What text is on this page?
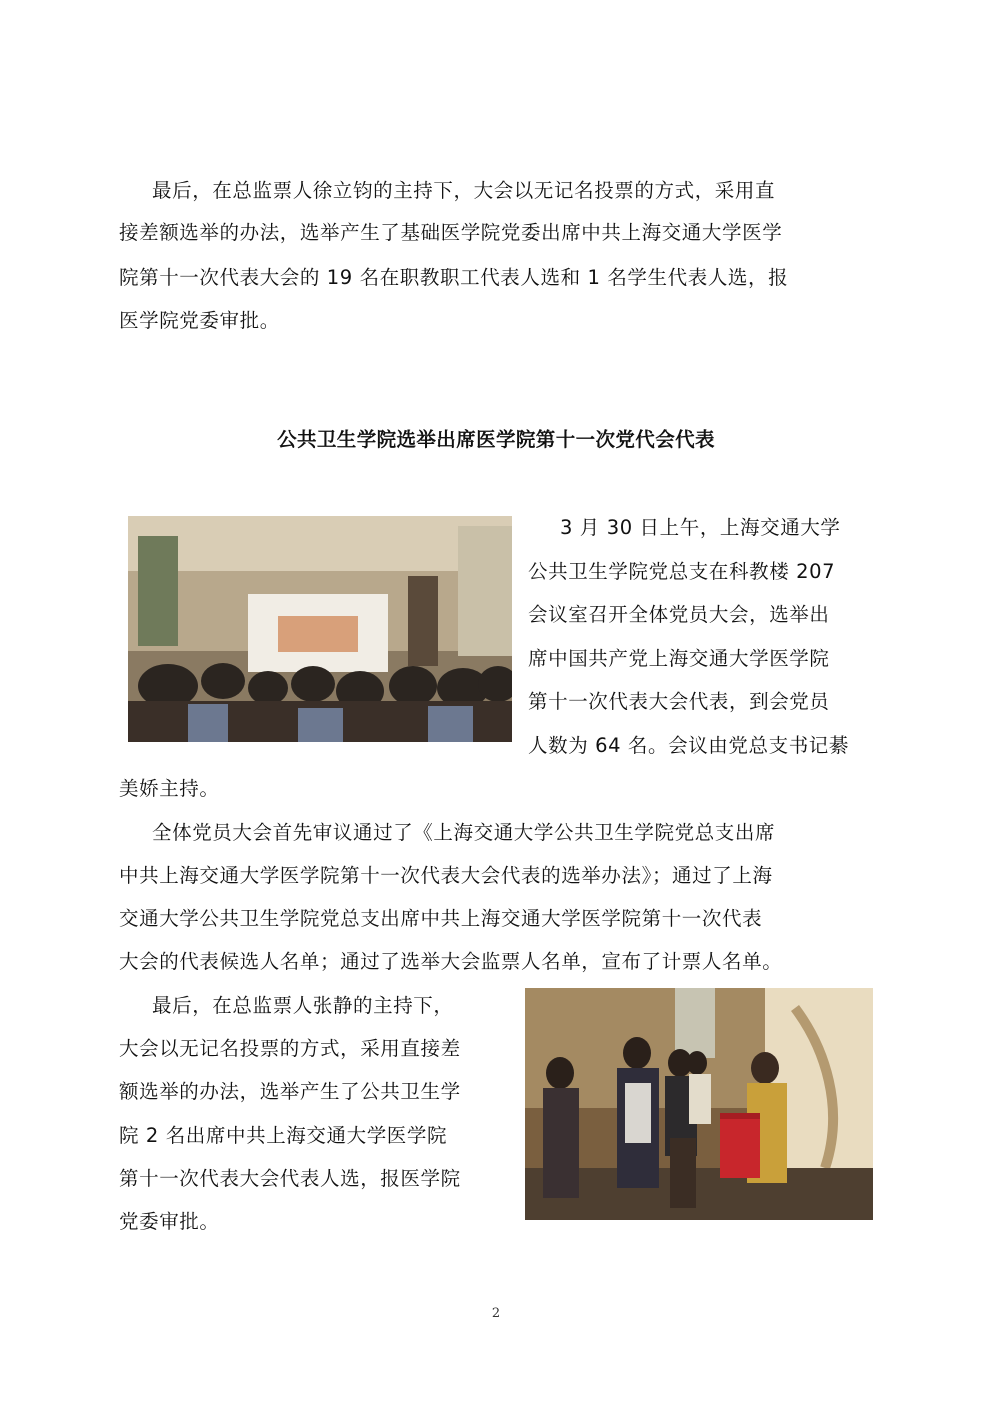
最后，在总监票人徐立钧的主持下，大会以无记名投票的方式，采用直
接差额选举的办法，选举产生了基础医学院党委出席中共上海交通大学医学
院第十一次代表大会的 19 名在职教职工代表人选和 1 名学生代表人选，报
医学院党委审批。
公共卫生学院选举出席医学院第十一次党代会代表
3 月 30 日上午，上海交通大学
公共卫生学院党总支在科教楼 207
会议室召开全体党员大会，选举出
席中国共产党上海交通大学医学院
第十一次代表大会代表，到会党员
人数为 64 名。会议由党总支书记綦
美娇主持。
全体党员大会首先审议通过了《上海交通大学公共卫生学院党总支出席
中共上海交通大学医学院第十一次代表大会代表的选举办法》；通过了上海
交通大学公共卫生学院党总支出席中共上海交通大学医学院第十一次代表
大会的代表候选人名单；通过了选举大会监票人名单，宣布了计票人名单。
最后，在总监票人张静的主持下，
大会以无记名投票的方式，采用直接差
额选举的办法，选举产生了公共卫生学
院 2 名出席中共上海交通大学医学院
第十一次代表大会代表人选，报医学院
党委审批。
2
